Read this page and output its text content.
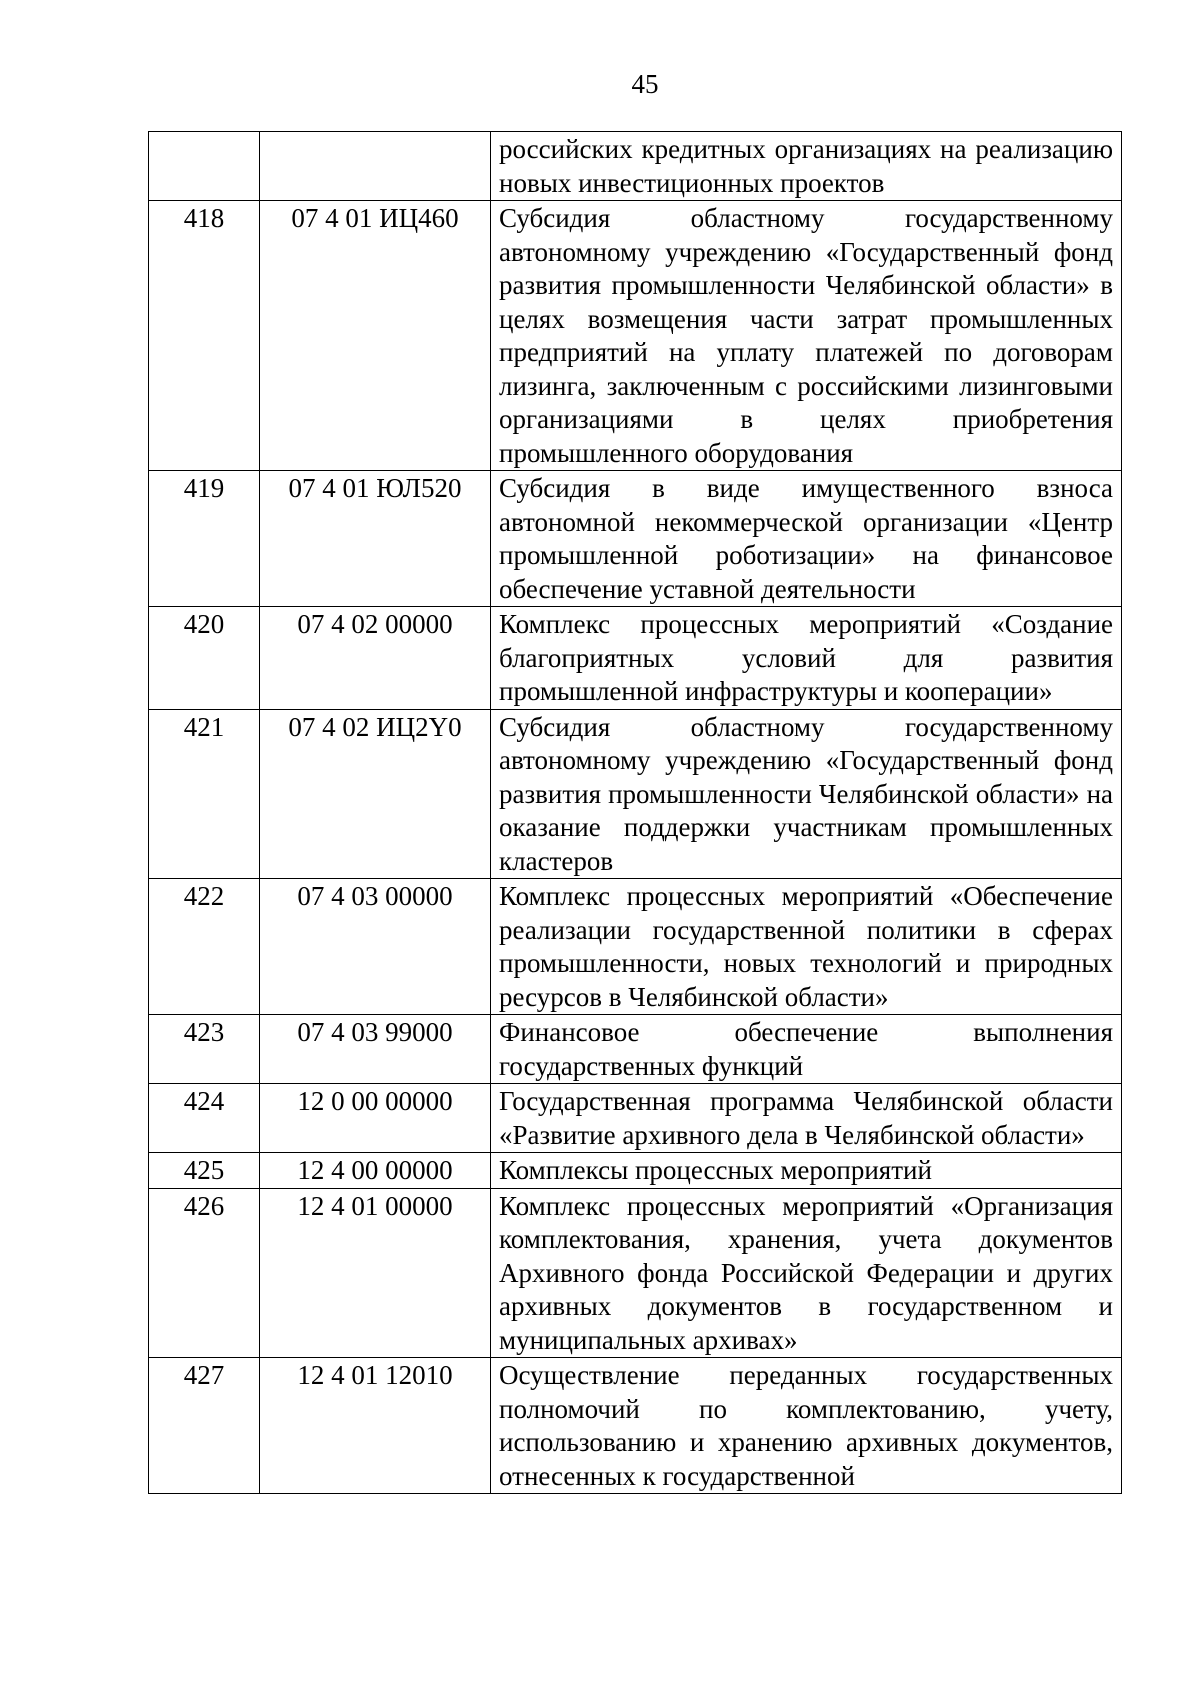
45
		российских кредитных организациях на реализацию новых инвестиционных проектов
418	07 4 01 ИЦ460	Субсидия областному государственному автономному учреждению «Государственный фонд развития промышленности Челябинской области» в целях возмещения части затрат промышленных предприятий на уплату платежей по договорам лизинга, заключенным с российскими лизинговыми организациями в целях приобретения промышленного оборудования
419	07 4 01 ЮЛ520	Субсидия в виде имущественного взноса автономной некоммерческой организации «Центр промышленной роботизации» на финансовое обеспечение уставной деятельности
420	07 4 02 00000	Комплекс процессных мероприятий «Создание благоприятных условий для развития промышленной инфраструктуры и кооперации»
421	07 4 02 ИЦ2Y0	Субсидия областному государственному автономному учреждению «Государственный фонд развития промышленности Челябинской области» на оказание поддержки участникам промышленных кластеров
422	07 4 03 00000	Комплекс процессных мероприятий «Обеспечение реализации государственной политики в сферах промышленности, новых технологий и природных ресурсов в Челябинской области»
423	07 4 03 99000	Финансовое обеспечение выполнения государственных функций
424	12 0 00 00000	Государственная программа Челябинской области «Развитие архивного дела в Челябинской области»
425	12 4 00 00000	Комплексы процессных мероприятий
426	12 4 01 00000	Комплекс процессных мероприятий «Организация комплектования, хранения, учета документов Архивного фонда Российской Федерации и других архивных документов в государственном и муниципальных архивах»
427	12 4 01 12010	Осуществление переданных государственных полномочий по комплектованию, учету, использованию и хранению архивных документов, отнесенных к государственной
